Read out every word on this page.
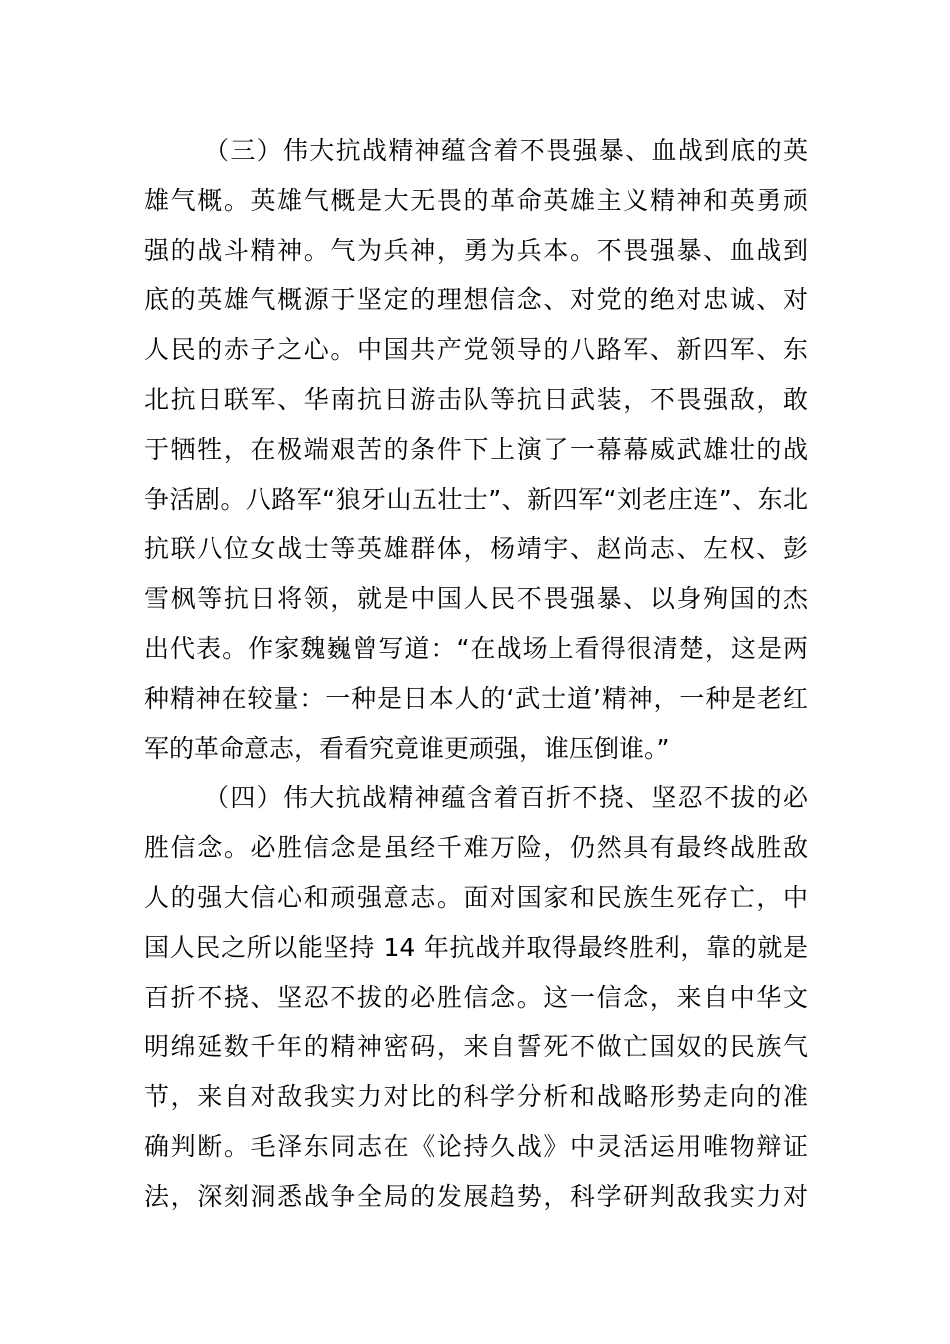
（三）伟大抗战精神蕴含着不畏强暴、血战到底的英
雄气概。英雄气概是大无畏的革命英雄主义精神和英勇顽
强的战斗精神。气为兵神，勇为兵本。不畏强暴、血战到
底的英雄气概源于坚定的理想信念、对党的绝对忠诚、对
人民的赤子之心。中国共产党领导的八路军、新四军、东
北抗日联军、华南抗日游击队等抗日武装，不畏强敌，敢
于牺牲，在极端艰苦的条件下上演了一幕幕威武雄壮的战
争活剧。八路军“狼牙山五壮士”、新四军“刘老庄连”、东北
抗联八位女战士等英雄群体，杨靖宇、赵尚志、左权、彭
雪枫等抗日将领，就是中国人民不畏强暴、以身殉国的杰
出代表。作家魏巍曾写道：“在战场上看得很清楚，这是两
种精神在较量：一种是日本人的‘武士道’精神，一种是老红
军的革命意志，看看究竟谁更顽强，谁压倒谁。”
（四）伟大抗战精神蕴含着百折不挠、坚忍不拔的必
胜信念。必胜信念是虽经千难万险，仍然具有最终战胜敌
人的强大信心和顽强意志。面对国家和民族生死存亡，中
国人民之所以能坚持 14 年抗战并取得最终胜利，靠的就是
百折不挠、坚忍不拔的必胜信念。这一信念，来自中华文
明绵延数千年的精神密码，来自誓死不做亡国奴的民族气
节，来自对敌我实力对比的科学分析和战略形势走向的准
确判断。毛泽东同志在《论持久战》中灵活运用唯物辩证
法，深刻洞悉战争全局的发展趋势，科学研判敌我实力对
